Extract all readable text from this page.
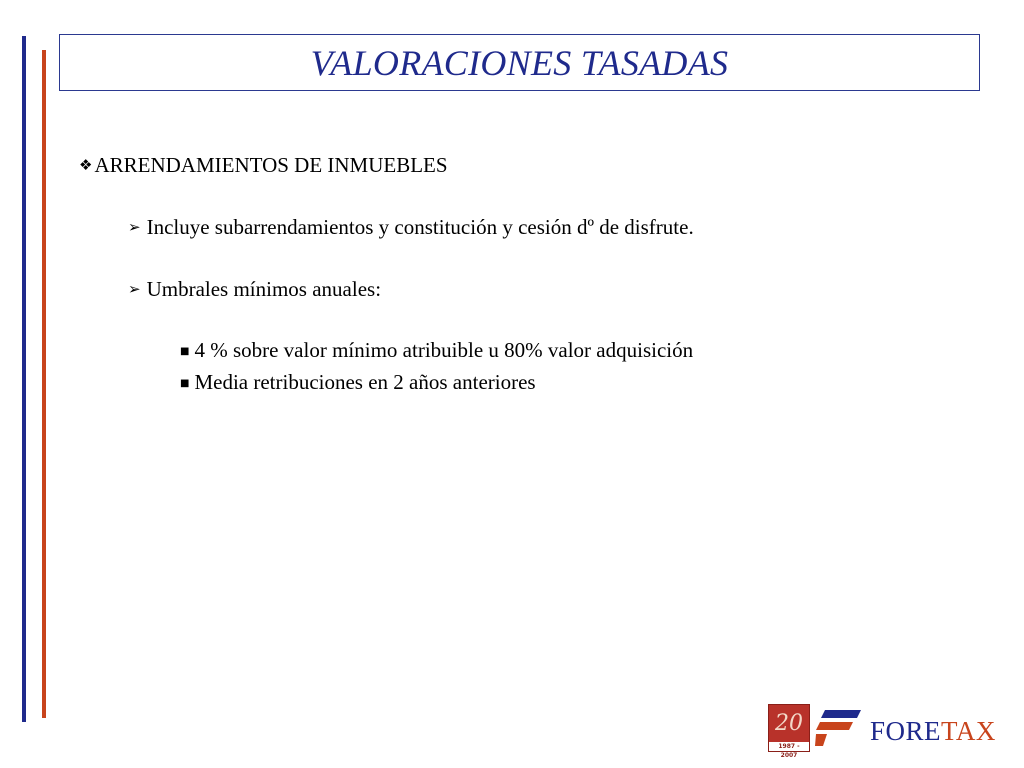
VALORACIONES TASADAS
❖ARRENDAMIENTOS DE INMUEBLES
➢ Incluye subarrendamientos y constitución y cesión dº de disfrute.
➢ Umbrales mínimos anuales:
■ 4 % sobre valor mínimo atribuible u 80% valor adquisición
■ Media retribuciones en 2 años anteriores
20
1987 - 2007
FORETAX
